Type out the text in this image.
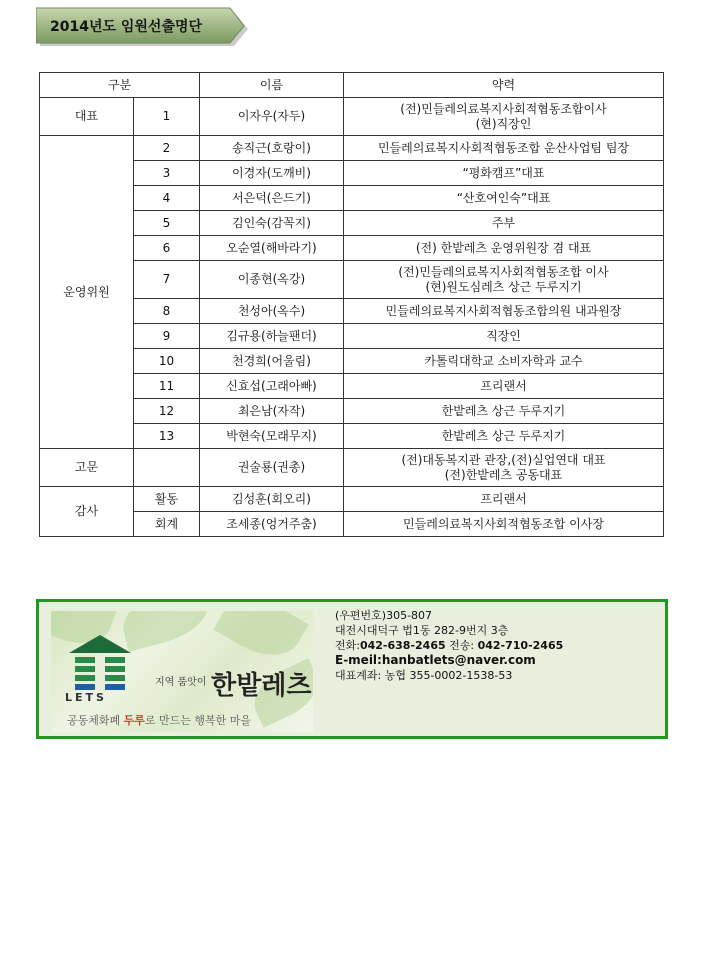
2014년도 임원선출명단
구분		이름	약력
대표	1	이자우(자두)	(전)민들레의료복지사회적협동조합이사
(현)직장인

운영위원	2	송직근(호랑이)	민들레의료복지사회적협동조합 운산사업팀 팀장
	3	이경자(도깨비)	“평화캠프”대표
	4	서은덕(은드기)	“산호여인숙”대표
	5	김인숙(감꼭지)	주부
	6	오순열(해바라기)	(전) 한밭레츠 운영위원장 겸 대표
	7	이종현(옥강)	(전)민들레의료복지사회적협동조합 이사
(현)원도심레츠 상근 두루지기

	8	천성아(옥수)	민들레의료복지사회적협동조합의원 내과원장
	9	김규용(하늘팬더)	직장인
	10	천경희(어울림)	카톨릭대학교 소비자학과 교수
	11	신효섭(고래아빠)	프리랜서
	12	최은남(자작)	한밭레츠 상근 두루지기
	13	박현숙(모래무지)	한밭레츠 상근 두루지기
고문		권술룡(권총)	(전)대동복지관 관장,(전)실업연대 대표
(전)한밭레츠 공동대표

감사	활동	김성훈(회오리)	프리랜서
	회계	조세종(엉거주춤)	민들레의료복지사회적협동조합 이사장
LETS
지역 품앗이 한밭레츠
공동체화폐 두루로 만드는 행복한 마을
(우편번호)305-807
대전시대덕구 법1동 282-9번지 3층
전화:042-638-2465 전송: 042-710-2465
E-meil:hanbatlets@naver.com
대표계좌: 농협 355-0002-1538-53
